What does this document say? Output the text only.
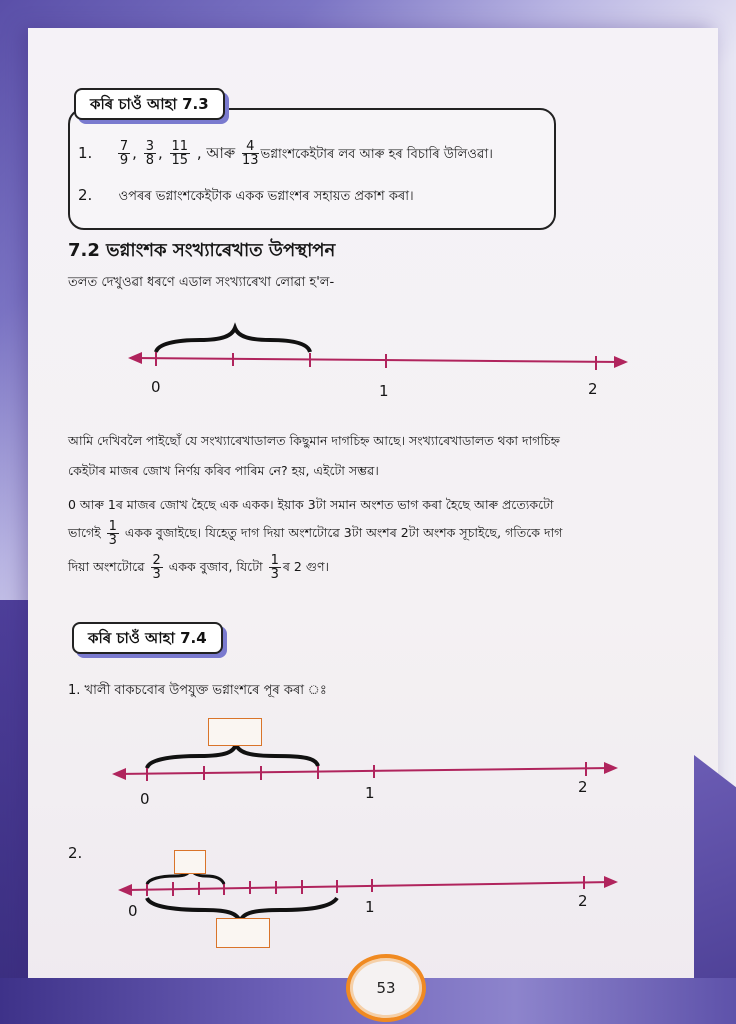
কৰি চাওঁ আহা 7.3
1. $\frac{7}{9}$ , $\frac{3}{8}$ , $\frac{11}{15}$ , আৰু $\frac{4}{13}$ ভগ্নাংশকেইটাৰ লব আৰু হৰ বিচাৰি উলিওৱা।
2. ওপৰৰ ভগ্নাংশকেইটাক একক ভগ্নাংশৰ সহায়ত প্ৰকাশ কৰা।
7.2 ভগ্নাংশক সংখ্যাৰেখাত উপস্থাপন
তলত দেখুওৱা ধৰণে এডাল সংখ্যাৰেখা লোৱা হ'ল-
0	1	2
আমি দেখিবলৈ পাইছোঁ যে সংখ্যাৰেখাডালত কিছুমান দাগচিহ্ন আছে। সংখ্যাৰেখাডালত থকা দাগচিহ্ন
কেইটাৰ মাজৰ জোখ নিৰ্ণয় কৰিব পাৰিম নে? হয়, এইটো সম্ভৱ।
0 আৰু 1ৰ মাজৰ জোখ হৈছে এক একক। ইয়াক 3টা সমান অংশত ভাগ কৰা হৈছে আৰু প্ৰত্যেকটো
ভাগেই $\frac{1}{3}$ একক বুজাইছে। যিহেতু দাগ দিয়া অংশটোৱে 3টা অংশৰ 2টা অংশক সূচাইছে, গতিকে দাগ
দিয়া অংশটোৱে $\frac{2}{3}$ একক বুজাব, যিটো $\frac{1}{3}$ ৰ 2 গুণ।
কৰি চাওঁ আহা 7.4
1. খালী বাকচবোৰ উপযুক্ত ভগ্নাংশৰে পূৰ কৰা ঃ
0	1	2
2.
0	1	2
53
